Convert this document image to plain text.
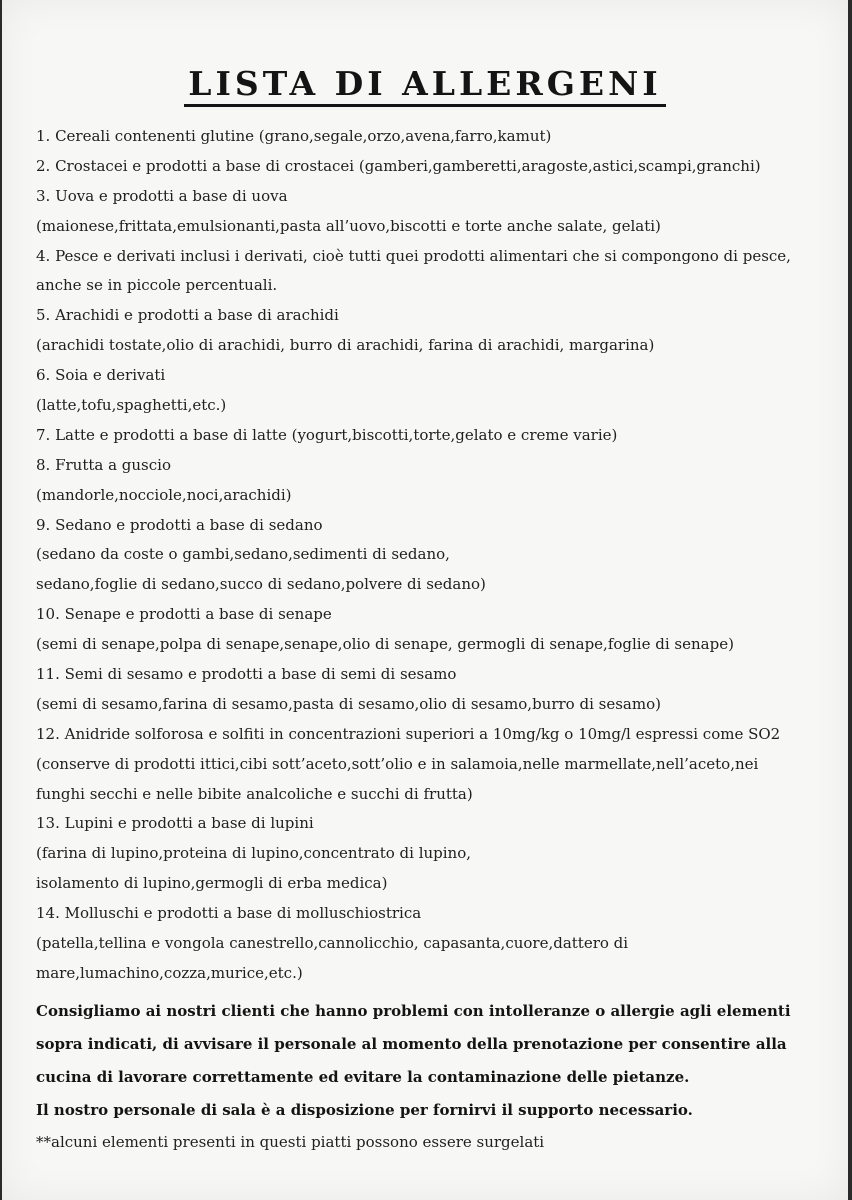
LISTA DI ALLERGENI
1. Cereali contenenti glutine (grano,segale,orzo,avena,farro,kamut)
2. Crostacei e prodotti a base di crostacei (gamberi,gamberetti,aragoste,astici,scampi,granchi)
3. Uova e prodotti a base di uova
(maionese,frittata,emulsionanti,pasta all’uovo,biscotti e torte anche salate, gelati)
4. Pesce e derivati inclusi i derivati, cioè tutti quei prodotti alimentari che si compongono di pesce,
anche se in piccole percentuali.
5. Arachidi e prodotti a base di arachidi
(arachidi tostate,olio di arachidi, burro di arachidi, farina di arachidi, margarina)
6. Soia e derivati
(latte,tofu,spaghetti,etc.)
7. Latte e prodotti a base di latte (yogurt,biscotti,torte,gelato e creme varie)
8. Frutta a guscio
(mandorle,nocciole,noci,arachidi)
9. Sedano e prodotti a base di sedano
(sedano da coste o gambi,sedano,sedimenti di sedano,
sedano,foglie di sedano,succo di sedano,polvere di sedano)
10. Senape e prodotti a base di senape
(semi di senape,polpa di senape,senape,olio di senape, germogli di senape,foglie di senape)
11. Semi di sesamo e prodotti a base di semi di sesamo
(semi di sesamo,farina di sesamo,pasta di sesamo,olio di sesamo,burro di sesamo)
12. Anidride solforosa e solfiti in concentrazioni superiori a 10mg/kg o 10mg/l espressi come SO2
(conserve di prodotti ittici,cibi sott’aceto,sott’olio e in salamoia,nelle marmellate,nell’aceto,nei
funghi secchi e nelle bibite analcoliche e succhi di frutta)
13. Lupini e prodotti a base di lupini
(farina di lupino,proteina di lupino,concentrato di lupino,
isolamento di lupino,germogli di erba medica)
14. Molluschi e prodotti a base di molluschiostrica
(patella,tellina e vongola canestrello,cannolicchio, capasanta,cuore,dattero di
mare,lumachino,cozza,murice,etc.)
Consigliamo ai nostri clienti che hanno problemi con intolleranze o allergie agli elementi
sopra indicati, di avvisare il personale al momento della prenotazione per consentire alla
cucina di lavorare correttamente ed evitare la contaminazione delle pietanze.
Il nostro personale di sala è a disposizione per fornirvi il supporto necessario.
**alcuni elementi presenti in questi piatti possono essere surgelati
